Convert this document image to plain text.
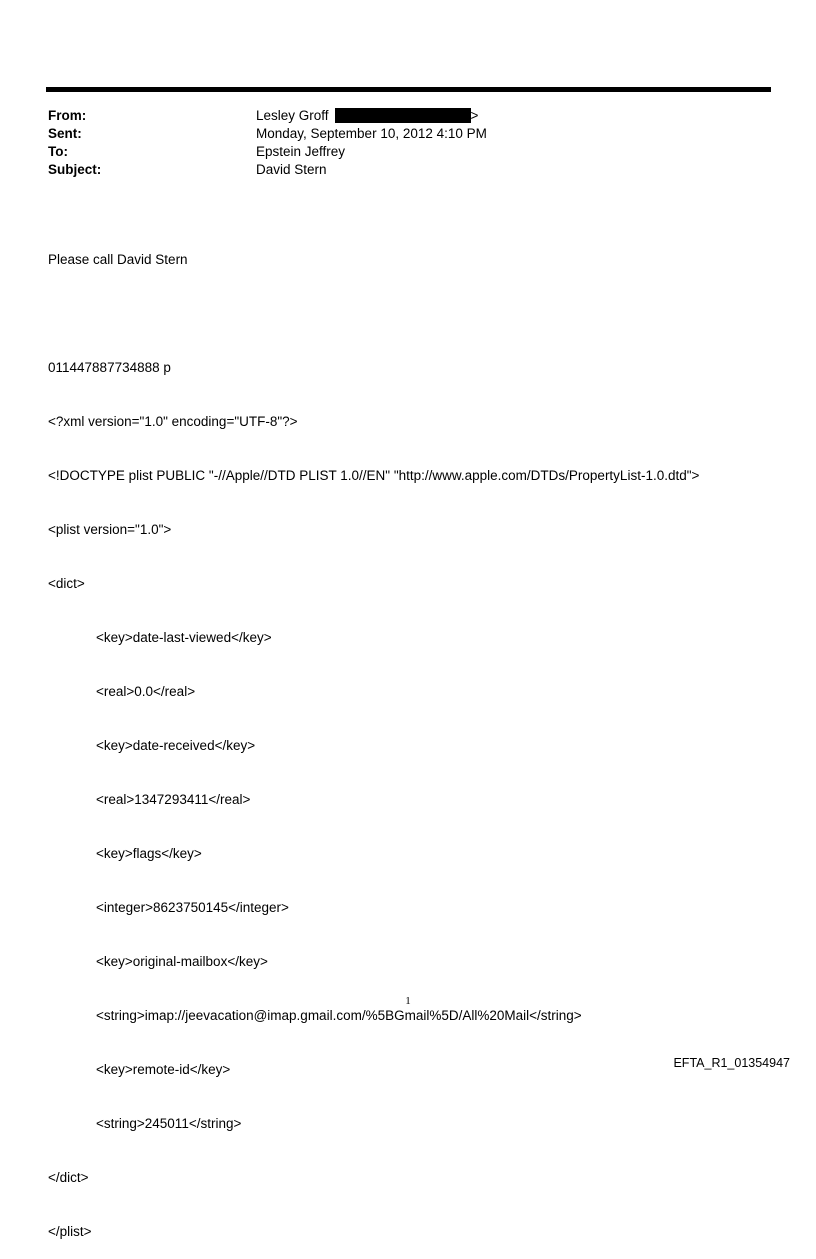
From:	Lesley Groff	>
Sent:	Monday, September 10, 2012 4:10 PM
To:	Epstein Jeffrey
Subject:	David Stern

Please call David Stern

011447887734888 p

<?xml version="1.0" encoding="UTF-8"?>

<!DOCTYPE plist PUBLIC "-//Apple//DTD PLIST 1.0//EN" "http://www.apple.com/DTDs/PropertyList-1.0.dtd">

<plist version="1.0">

<dict>

<key>date-last-viewed</key>

<real>0.0</real>

<key>date-received</key>

<real>1347293411</real>

<key>flags</key>

<integer>8623750145</integer>

<key>original-mailbox</key>

<string>imap://jeevacation@imap.gmail.com/%5BGmail%5D/All%20Mail</string>

<key>remote-id</key>

<string>245011</string>

</dict>

</plist>

1
EFTA_R1_01354947
